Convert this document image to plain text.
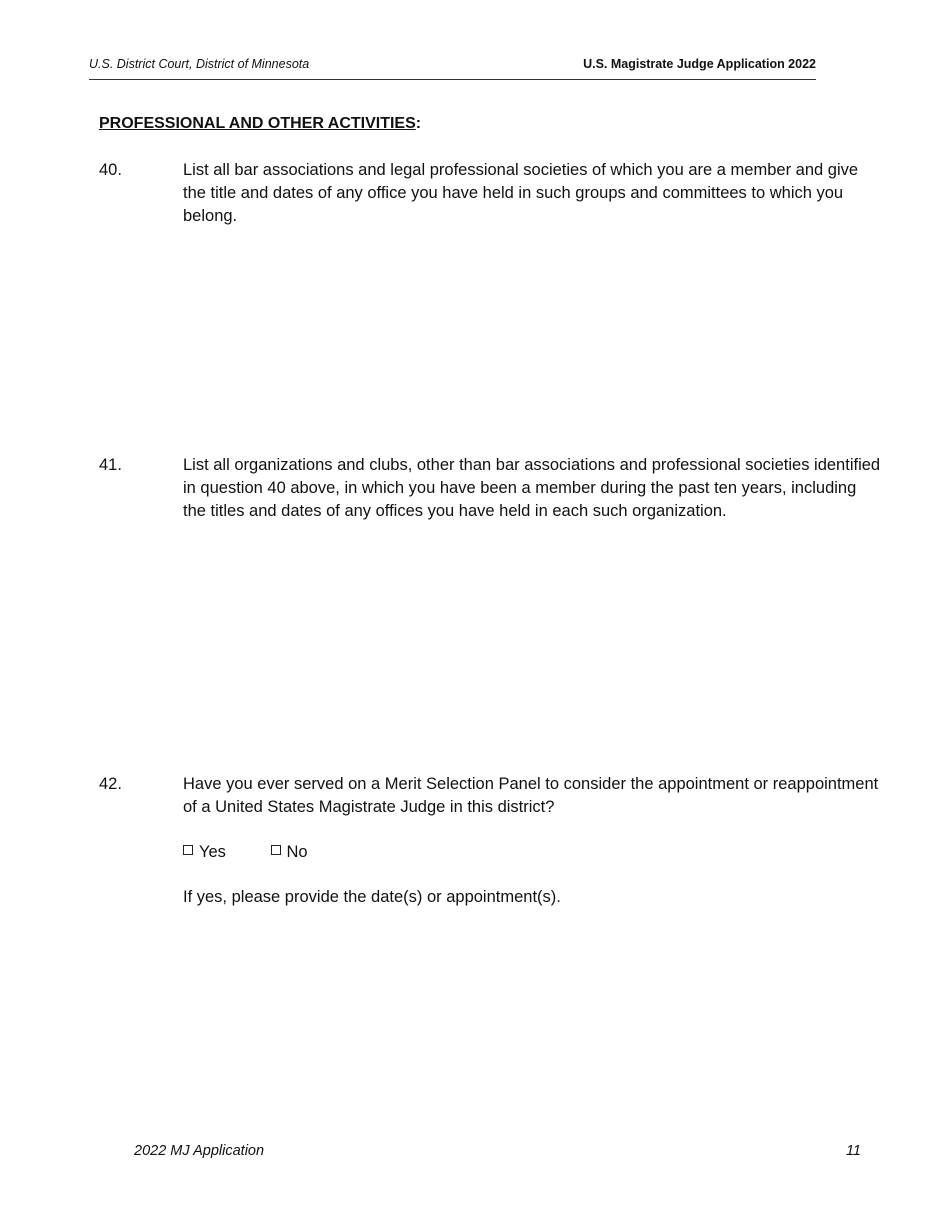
U.S. District Court, District of Minnesota	U.S. Magistrate Judge Application 2022
PROFESSIONAL AND OTHER ACTIVITIES:
40.	List all bar associations and legal professional societies of which you are a member and give the title and dates of any office you have held in such groups and committees to which you belong.
41.	List all organizations and clubs, other than bar associations and professional societies identified in question 40 above, in which you have been a member during the past ten years, including the titles and dates of any offices you have held in each such organization.
42.	Have you ever served on a Merit Selection Panel to consider the appointment or reappointment of a United States Magistrate Judge in this district?
Yes	No
If yes, please provide the date(s) or appointment(s).
2022 MJ Application	11
